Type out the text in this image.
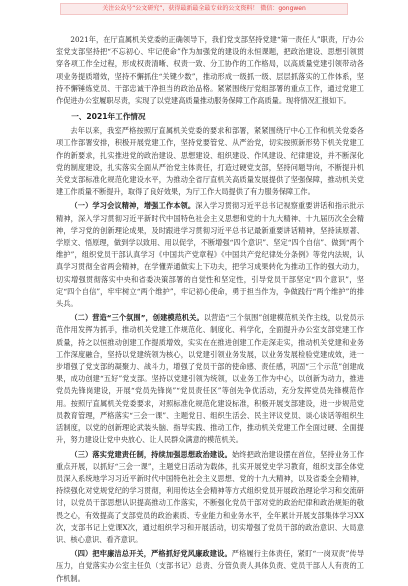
关注公众号“公文研究”，获得最新最全最专业的公文资料！ 微信：gongwen

2021年，在厅直属机关党委的正确领导下，我们党支部坚持党建“第一责任人”职责，厅办公室党支部坚持把“不忘初心、牢记使命”作为加强党的建设的永恒课题，把政治建设、思想引领贯穿各项工作全过程，形成权责清晰、权责一致、分工协作的工作格局，以高质量党建引领带动各项业务提质增效，坚持不懈抓住“关键少数”，推动形成一级抓一级、层层抓落实的工作体系，坚持不懈锤炼党员、干部忠诚干净担当的政治品格。紧紧围绕厅党组部署的重点工作，通过党建工作促进办公室履职尽责，实现了以党建高质量推动服务保障工作高质量。现将情况汇报如下。

一、2021年工作情况

去年以来，我室严格按照厅直属机关党委的要求和部署，紧紧围绕厅中心工作和机关党委各项工作部署安排，积极开展党建工作，坚持党要管党、从严治党，切实按照新形势下机关党建工作的新要求，扎实推进党的政治建设、思想建设、组织建设、作风建设、纪律建设，并不断深化党的制度建设，扎实落实全面从严治党主体责任，打造过硬党支部，坚持问题导向，不断提升机关党支部标准化规范化建设水平，为推动全省厅直机关高质量发展提供了坚强保障，推动机关党建工作质量不断提升，取得了良好效果，为厅工作大局提供了有力服务保障工作。

（一）学习会议精神，增强工作本领。深入学习贯彻习近平总书记视察重要讲话和指示批示精神，深入学习贯彻习近平新时代中国特色社会主义思想和党的十九大精神、十九届历次全会精神，学习党的创新理论成果，及时跟进学习贯彻习近平总书记最新重要讲话精神，坚持读原著、学原文、悟原理，做到学以致用、用以促学，不断增强“四个意识”、坚定“四个自信”、做到“两个维护”，组织党员干部认真学习《中国共产党章程》《中国共产党纪律处分条例》等党内法规，认真学习贯彻全省两会精神，在学懂弄通做实上下功夫，把学习成果转化为推动工作的强大动力，切实增强贯彻落实中央和省委决策部署的自觉性和坚定性，引导党员干部坚定“四个意识”，坚定“四个自信”，牢牢树立“两个维护”，牢记初心使命，勇于担当作为，争做践行“两个维护”的排头兵。

（二）营造“三个氛围”，创建模范机关。以营造“三个氛围”创建模范机关作主线，以党员示范作用发挥为抓手，推动机关党建工作规范化、制度化、科学化，全面提升办公室支部党建工作质量，持之以恒推动创建工作提质增效，实实在在推进创建工作走深走实，推动机关党建和业务工作深度融合，坚持以党建统领为核心，以党建引领业务发展，以业务发展检验党建成效，进一步增强了党支部的凝聚力、战斗力，增强了党员干部的使命感、责任感，巩固“三个示范”创建成果，成功创建“五好”党支部。坚持以党建引领为统领，以业务工作为中心，以创新为动力，推进党员先锋岗建设，开展“党员先锋岗”“党员责任区”等创先争优活动，充分发挥党员先锋模范作用。按照厅直属机关党委要求，对照标准化规范化建设标准，积极开展支部建设，进一步规范党员教育管理，严格落实“三会一课”、主题党日、组织生活会、民主评议党员、谈心谈话等组织生活制度，以党的创新理论武装头脑、指导实践、推动工作，推动机关党建工作全面过硬、全面提升，努力建设让党中央放心、让人民群众满意的模范机关。

（三）落实党建责任制，持续加强思想政治建设。始终把政治建设摆在首位，坚持业务工作重点开展，以抓好“三会一课”，主题党日活动为载体，扎实开展党史学习教育，组织支部全体党员深入系统地学习习近平新时代中国特色社会主义思想、党的十九大精神，以及省委全会精神，持续强化对党规党纪的学习贯彻，利用传达全会精神等方式组织党员开展政治理论学习和交流研讨，以党员干部思想认识提高推动工作落实，不断强化党员干部对党的政治纪律和政治规矩的敬畏之心，有效提高了支部党员的政治素质、专业能力和业务水平，全年累计开展支部集体学习XX次，支部书记上党课X次，通过组织学习和开展活动，切实增强了党员干部的政治意识、大局意识、核心意识、看齐意识。

（四）把牢廉洁总开关，严格抓好党风廉政建设。严格履行主体责任，紧盯“一岗双责”传导压力，自觉落实办公室主任负（支部书记）总责、分管负责人具体负责、党员干部人人有责的工作机制。
